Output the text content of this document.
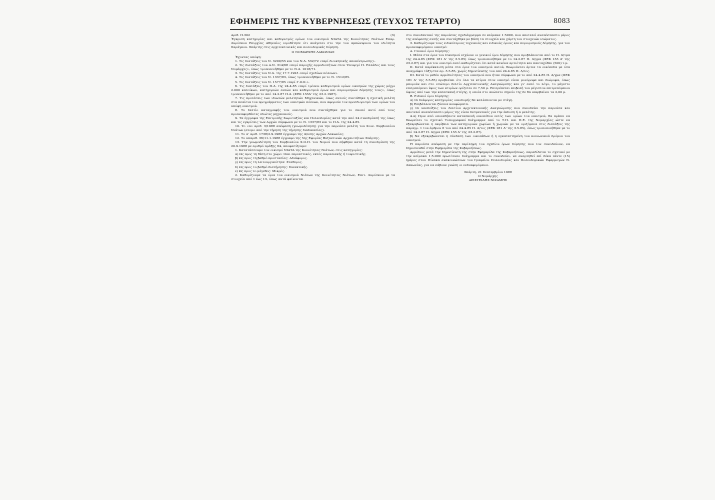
ΕΦΗΜΕΡΙΣ ΤΗΣ ΚΥΒΕΡΝΗΣΕΩΣ (ΤΕΥΧΟΣ ΤΕΤΑΡΤΟ)	8083

Αριθ. Π.302	(3)

Έγκριση κατηγορίας και καθορισμός ορίων του οικισμού ΝΙΑΤΑ της Κοινότητας Νιάτων Επαρ. Λυρόσκου Επιρχίας Αθηναίος ιεροθέτησε ότι ανάγεται στο την του αμπώνυρνου του ιδιότητα Σαράγκου. Σπάρτης στις αρχιτεκτονικές και πολεοδομικές δόμηση.

Ο ΝΟΜΑΡΧΗΣ ΛΑΚΩΝΙΑΣ

Έχοντας υπόψη:

1. Τις διατάξεις του Ν. 3200/55 και του Ν.Δ. 532/72 «περί διοικητικής αποκέντρωσης».

2. Τις διατάξεις του Α.Ν. 314/68 «περί παροχής αρμοδιοτήτων στον Υπουργό Π. Ελλάδος και τους Νομάρχες», όπως τροποποιήθηκε με το Ν.Δ. 1018/71.

3. Τις διατάξεις του Ν.Δ. της 17.7.1923 «περί σχεδίων πόλεων».

4. Τις διατάξεις του Ν. 1337/83, όπως τροποποιήθηκε με το Ν. 1512/85.

5. Τις διατάξεις του Ν. 1577/85 «περί Γ.Ο.Κ.».

6. Τις διατάξεις του Π.Δ. της 24.4.85 «περί τρόπου καθορισμού ορίων οικισμών της χώρας μέχρι 2.000 κατοίκων, κατηγοριών αυτών και καθορισμού όρων και περιορισμών δόμησης τους», όπως τροποποιήθηκε με το από 14.2.87 Π.Δ. (ΦΕΚ 133Δ' της 23.2.1987).

7. Τις προτάσεις των ιδιωτών μελετητών Μηχανικών, όπως αυτούς συντάθηκε η σχετική μελέτη στα πλαίσια του προγράμματος των οικισμών πόλεων, που αφορούν τον προσδιορισμό των ορίων του υπόψη οικισμού.

8. Το δελτίο καταγραφής του οικισμού που συντάχθηκε για το σκοπό αυτό από τους προαναφερθέντες ιδιώτες μηχανικούς.

9. Τα έγγραφα της Επιτροπής Χωροταξίας και Πολεοδομίας κατά την από 24 συνεδρίασή της όπως και τις εγκρίσεις των Αρχών σύμφωνα με το Ν. 1337/83 και το Π.Δ. της 24.4.85.

10. Το «α» αριθ. 3/1988 απόφαση (γνωμοδότηση) για την παρούσα μελέτη του Κοιν. Συμβουλίου Νιάτων (ατομο από την τήρηση της τήρησης διαδικασίας).

11. Το α' αριθ. 1738/2.9.1988 έγγραφο της Δ/νσης Αρχών Λακωνίας.

12. Το υπαριθ. 36/11.1.1988 έγγραφο της 5ης Εφορίας Βυζαντινών Αρχαιοτήτων Σπάρτης.

13. Την γνωμοδότηση του Συμβουλίου Χ.Ο.Π. του Νομού που λήφθηκε κατά τη συνεδρίαση της 20.9.1988 με αριθμό πράξης 64, αποφασίζουμε:

1. Κατατάσσουμε τον οικισμό ΝΙΑΤΑ της Κοινότητας Νιάτων, στις κατηγορίες:

α) Ως προς τη θέση στο χώρο: Οικι περιαστικός, εκτός παραλιακής ή τουριστικής.

β) Ως προς τη βαθμό προστασίας: Αδιάφορος.

γ) Ως προς τη λειτουργικότητα: Σταθερος.

δ) Ως προς το βαθμό διατήρησης: Συνεκτικής.

ε) Ως προς το μέγεθος: Μικρός.

2. Καθορίζουμε τα όρια του οικισμού Νιάτων της Κοινότητας Νιάτων, Επιτ. Λυρόσκου με τα στοιχεία από 1 έως 13, όπως αυτά φαίνονται

στο συνοδευτικό της παρούσας σχεδιάγραμμα σε κλίμακα 1:5000, που αποτελεί αναπόσπαστο μέρος της απόφασης αυτής και συντάχθηκε με βάση τα στοιχεία και χάρτη του στοιχειών ισώματος.

3. Καθορίζουμε τους ειδικότερους τεχνικούς και ειδικούς όρους και περιορισμούς δόμησης, για τον προαναφερόμενο οικισμό:

Α. Γενικοί όροι δόμησης:

Ι. Μέσα στα όρια του Οικισμού ισχύουν οι γενικοί όροι δόμησης που προβλέπονται από το Π. Δ/τμα της 24.4.85 (ΦΕΚ 181 Δ' της 3.5.85) όπως τροποποιήθηκε με το 14.2.87 Π. Δ/γμα (ΦΕΚ 133 Δ' της 23.2.87) και για τον οικισμό αυτό καθορίζεται ότι κατά κανόνα αρτιότητα και πανταχόθεν (500) τ.μ.

ΙΙ. Κατά παρέκκλιση μέσα στα όρια του οικισμού αυτού, θεωρούνται άρτια τα οικόπεδα με όσα αναγράφει τάξη στα αρ. 3.5.85, χωρίς δημοσίευσης του από 24.4.85 Π. Δ/τος.

ΙΙΙ. Κατά το μεθόν αρμόδιότητας του οικισμού που ήταν σύμφωνα με το από 24.4.85 Π. Δ/γμα (ΦΕΚ 181 Δ' της 3.5.85) προβλέπει ότι όλα τα κτίρια στον οικισμό είναι μονόροφα και διώροφα, όπως μπορούν και στο εσώτερο δελτίο Αρχιτεκτονικής Αναγνώρισης και γι' αυτό το λόγο, το μέγιστο επιτρεπόμενο ύψος των κτιρίων ορίζεται σε 7,50 μ. Επιτρέπεται επιβολή του μέγιστου επιτρεπόμενου ύψους από των την κατασκευή στέγης, η οποία στο ανώτατο σημείο της δε θα υπερβαίνει τα 2,00 μ.

Β. Ειδικοί όροι δόμησης:

α) Οι διάφορες κατηγορίας οικοδομής θα καλύπτονται με στέγη.

β) Επιβάλλονται ξύλινα κουφώματα.

γ) Οι υποδείξεις του δελτίου Αρχιτεκτονικής Αναγνώρισης που συνοδεύει την παρούσα και αποτελεί αναπόσπαστο μέρος της είναι δεσμευτικές για την έκδοση ή α μελέτης.

4.α) Πριν από οποιαδήποτε κατασκευή οικοπέδου εντός των ορίων του οικισμού, θα πρέπει να θεωρείται το σχετικό Τοπογραφικό διάγραμμα από το Τ.Π. και Π.Ε. της Νομαρχίας ώστε να εξακριβώνεται η ακρίβεια των κατηγοριών χωρίων ή χωριών με τα οριζόμενα στις διατάξεις της παραγρ. 1 του άρθρου 6 του από 24.4.85 Π. Δ/τος (ΦΕΚ 181 Δ' της 3.5.85), όπως τροποποιήθηκε με το από 14.2.87 Π. Δ/γμα (ΦΕΚ 133 Δ' της 23.2.87).

β) Να εξακριβώνεται η σύνδεση των οικοπέδων ή η εγκατεστημένη του κοινωνικού δρόμου του οικισμού.

Η παρούσα απόφαση με την περίληψη του σχεδίου όρων δόμησης που τον συνοδεύουν, να δημοσιευθεί στην Εφημερίδα της Κυβερνήσεως.

Αρμόδιος μετά την δημοσίευση της στην Εφημερίδα της Κυβερνήσεως, παραδίδεται το σχετικό με την κλίμακα 1:5.000 πρωτότυπο διάγραμμα και το συνοδεύει, να αναρτηθεί επί δέκα πέντε (15) ημέρες στον Πίνακα ανακοινώσεων του Γραφείου Πολεοδομίας και Πολεοδομικών Εφαρμογών Ν. Λακωνίας, για να λάβουν γνώση οι ενδιαφερόμενοι.

Σπάρτη, 21 Σεπτεμβρίου 1988

Ο Νομάρχης

ΑΡΙΣΤΕΙΔΗΣ ΝΙΖΑΜΗΣ
